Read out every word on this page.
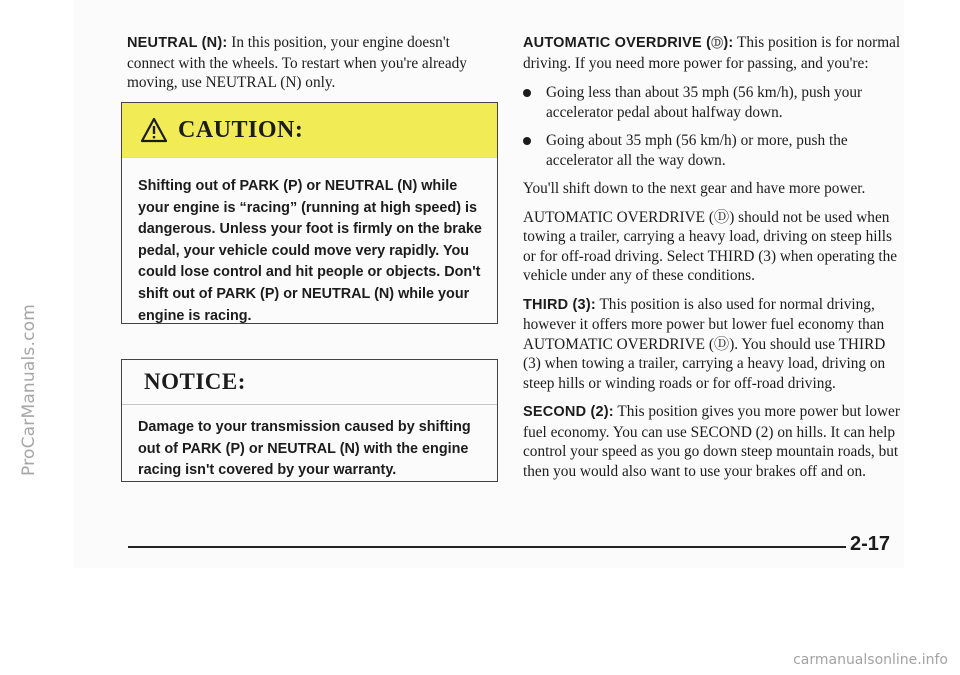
ProCarManuals.com

NEUTRAL (N): In this position, your engine doesn't connect with the wheels. To restart when you're already moving, use NEUTRAL (N) only.

CAUTION:
Shifting out of PARK (P) or NEUTRAL (N) while your engine is “racing” (running at high speed) is dangerous. Unless your foot is firmly on the brake pedal, your vehicle could move very rapidly. You could lose control and hit people or objects. Don't shift out of PARK (P) or NEUTRAL (N) while your engine is racing.
NOTICE:
Damage to your transmission caused by shifting out of PARK (P) or NEUTRAL (N) with the engine racing isn't covered by your warranty.

AUTOMATIC OVERDRIVE (Ⓓ): This position is for normal driving. If you need more power for passing, and you're:

Going less than about 35 mph (56 km/h), push your accelerator pedal about halfway down.
Going about 35 mph (56 km/h) or more, push the accelerator all the way down.

You'll shift down to the next gear and have more power.

AUTOMATIC OVERDRIVE (Ⓓ) should not be used when towing a trailer, carrying a heavy load, driving on steep hills or for off-road driving. Select THIRD (3) when operating the vehicle under any of these conditions.

THIRD (3): This position is also used for normal driving, however it offers more power but lower fuel economy than AUTOMATIC OVERDRIVE (Ⓓ). You should use THIRD (3) when towing a trailer, carrying a heavy load, driving on steep hills or winding roads or for off-road driving.

SECOND (2): This position gives you more power but lower fuel economy. You can use SECOND (2) on hills. It can help control your speed as you go down steep mountain roads, but then you would also want to use your brakes off and on.

2-17
carmanualsonline.info
